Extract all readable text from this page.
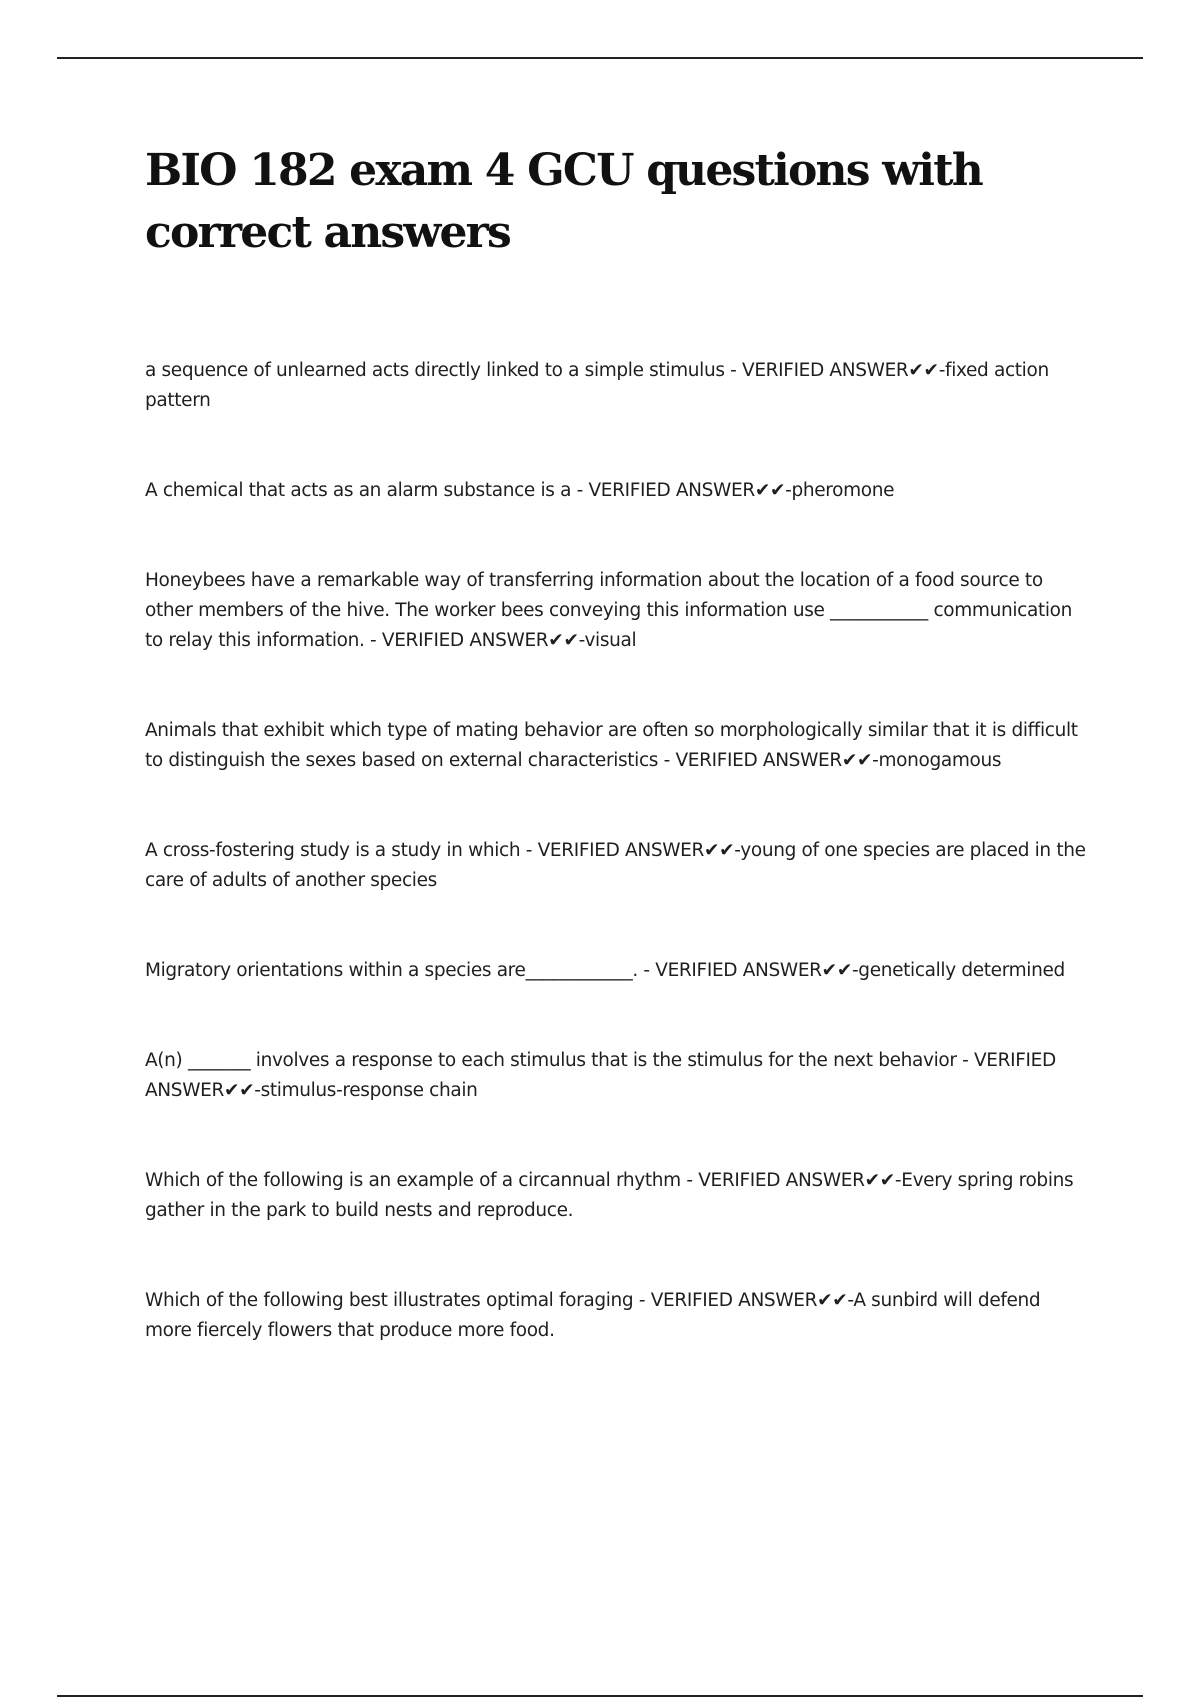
BIO 182 exam 4 GCU questions with correct answers
a sequence of unlearned acts directly linked to a simple stimulus - VERIFIED ANSWER✔✔-fixed action pattern
A chemical that acts as an alarm substance is a - VERIFIED ANSWER✔✔-pheromone
Honeybees have a remarkable way of transferring information about the location of a food source to other members of the hive. The worker bees conveying this information use ___________ communication to relay this information. - VERIFIED ANSWER✔✔-visual
Animals that exhibit which type of mating behavior are often so morphologically similar that it is difficult to distinguish the sexes based on external characteristics - VERIFIED ANSWER✔✔-monogamous
A cross-fostering study is a study in which - VERIFIED ANSWER✔✔-young of one species are placed in the care of adults of another species
Migratory orientations within a species are____________. - VERIFIED ANSWER✔✔-genetically determined
A(n) _______ involves a response to each stimulus that is the stimulus for the next behavior - VERIFIED ANSWER✔✔-stimulus-response chain
Which of the following is an example of a circannual rhythm - VERIFIED ANSWER✔✔-Every spring robins gather in the park to build nests and reproduce.
Which of the following best illustrates optimal foraging - VERIFIED ANSWER✔✔-A sunbird will defend more fiercely flowers that produce more food.
